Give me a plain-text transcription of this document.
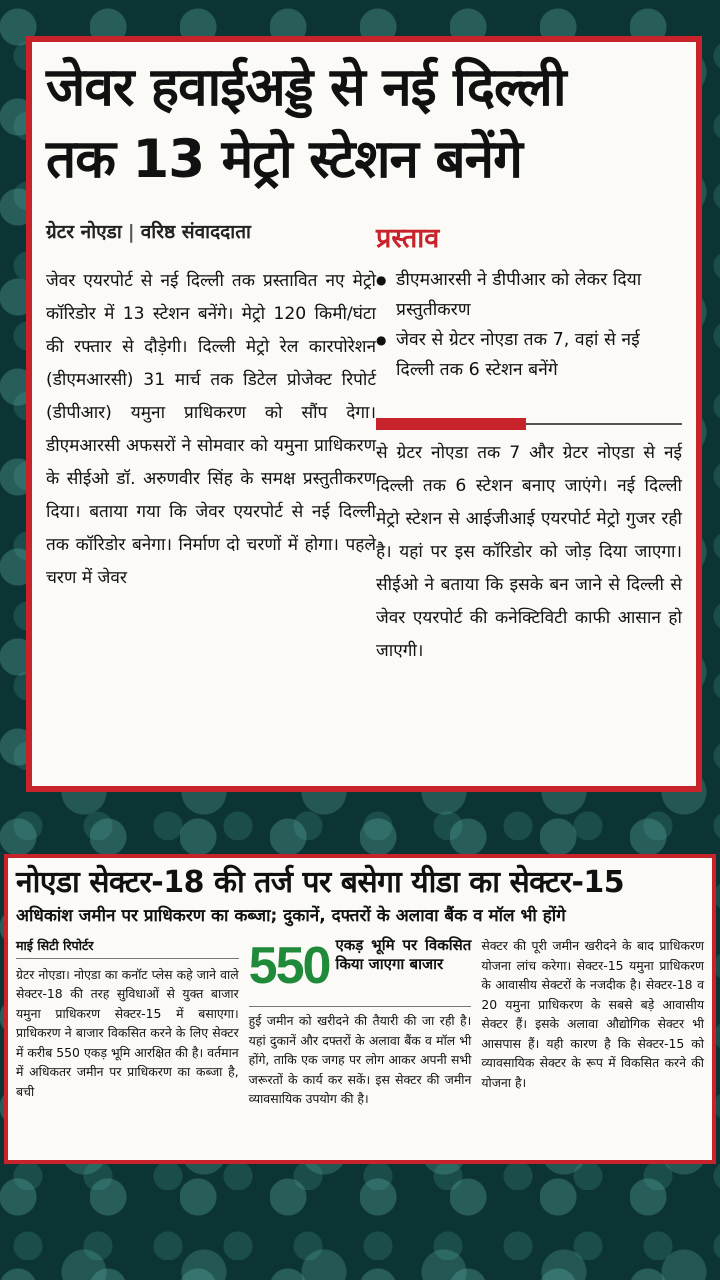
जेवर हवाईअड्डे से नई दिल्ली
तक 13 मेट्रो स्टेशन बनेंगे
ग्रेटर नोएडा | वरिष्ठ संवाददाता	प्रस्ताव

जेवर एयरपोर्ट से नई दिल्ली तक प्रस्तावित नए मेट्रो कॉरिडोर में 13 स्टेशन बनेंगे। मेट्रो 120 किमी/घंटा की रफ्तार से दौड़ेगी। दिल्ली मेट्रो रेल कारपोरेशन (डीएमआरसी) 31 मार्च तक डिटेल प्रोजेक्ट रिपोर्ट (डीपीआर) यमुना प्राधिकरण को सौंप देगा। डीएमआरसी अफसरों ने सोमवार को यमुना प्राधिकरण के सीईओ डॉ. अरुणवीर सिंह के समक्ष प्रस्तुतीकरण दिया। बताया गया कि जेवर एयरपोर्ट से नई दिल्ली तक कॉरिडोर बनेगा। निर्माण दो चरणों में होगा। पहले चरण में जेवर

● डीएमआरसी ने डीपीआर को लेकर दिया प्रस्तुतीकरण
● जेवर से ग्रेटर नोएडा तक 7, वहां से नई दिल्ली तक 6 स्टेशन बनेंगे

से ग्रेटर नोएडा तक 7 और ग्रेटर नोएडा से नई दिल्ली तक 6 स्टेशन बनाए जाएंगे। नई दिल्ली मेट्रो स्टेशन से आईजीआई एयरपोर्ट मेट्रो गुजर रही है। यहां पर इस कॉरिडोर को जोड़ दिया जाएगा। सीईओ ने बताया कि इसके बन जाने से दिल्ली से जेवर एयरपोर्ट की कनेक्टिविटी काफी आसान हो जाएगी।

नोएडा सेक्टर-18 की तर्ज पर बसेगा यीडा का सेक्टर-15

अधिकांश जमीन पर प्राधिकरण का कब्जा; दुकानें, दफ्तरों के अलावा बैंक व मॉल भी होंगे

माई सिटी रिपोर्टर

ग्रेटर नोएडा। नोएडा का कनॉट प्लेस कहे जाने वाले सेक्टर-18 की तरह सुविधाओं से युक्त बाजार यमुना प्राधिकरण सेक्टर-15 में बसाएगा। प्राधिकरण ने बाजार विकसित करने के लिए सेक्टर में करीब 550 एकड़ भूमि आरक्षित की है। वर्तमान में अधिकतर जमीन पर प्राधिकरण का कब्जा है, बची

550 एकड़ भूमि पर विकसित किया जाएगा बाजार

हुई जमीन को खरीदने की तैयारी की जा रही है। यहां दुकानें और दफ्तरों के अलावा बैंक व मॉल भी होंगे, ताकि एक जगह पर लोग आकर अपनी सभी जरूरतों के कार्य कर सकें। इस सेक्टर की जमीन व्यावसायिक उपयोग की है।

सेक्टर की पूरी जमीन खरीदने के बाद प्राधिकरण योजना लांच करेगा। सेक्टर-15 यमुना प्राधिकरण के आवासीय सेक्टरों के नजदीक है। सेक्टर-18 व 20 यमुना प्राधिकरण के सबसे बड़े आवासीय सेक्टर हैं। इसके अलावा औद्योगिक सेक्टर भी आसपास हैं। यही कारण है कि सेक्टर-15 को व्यावसायिक सेक्टर के रूप में विकसित करने की योजना है।
